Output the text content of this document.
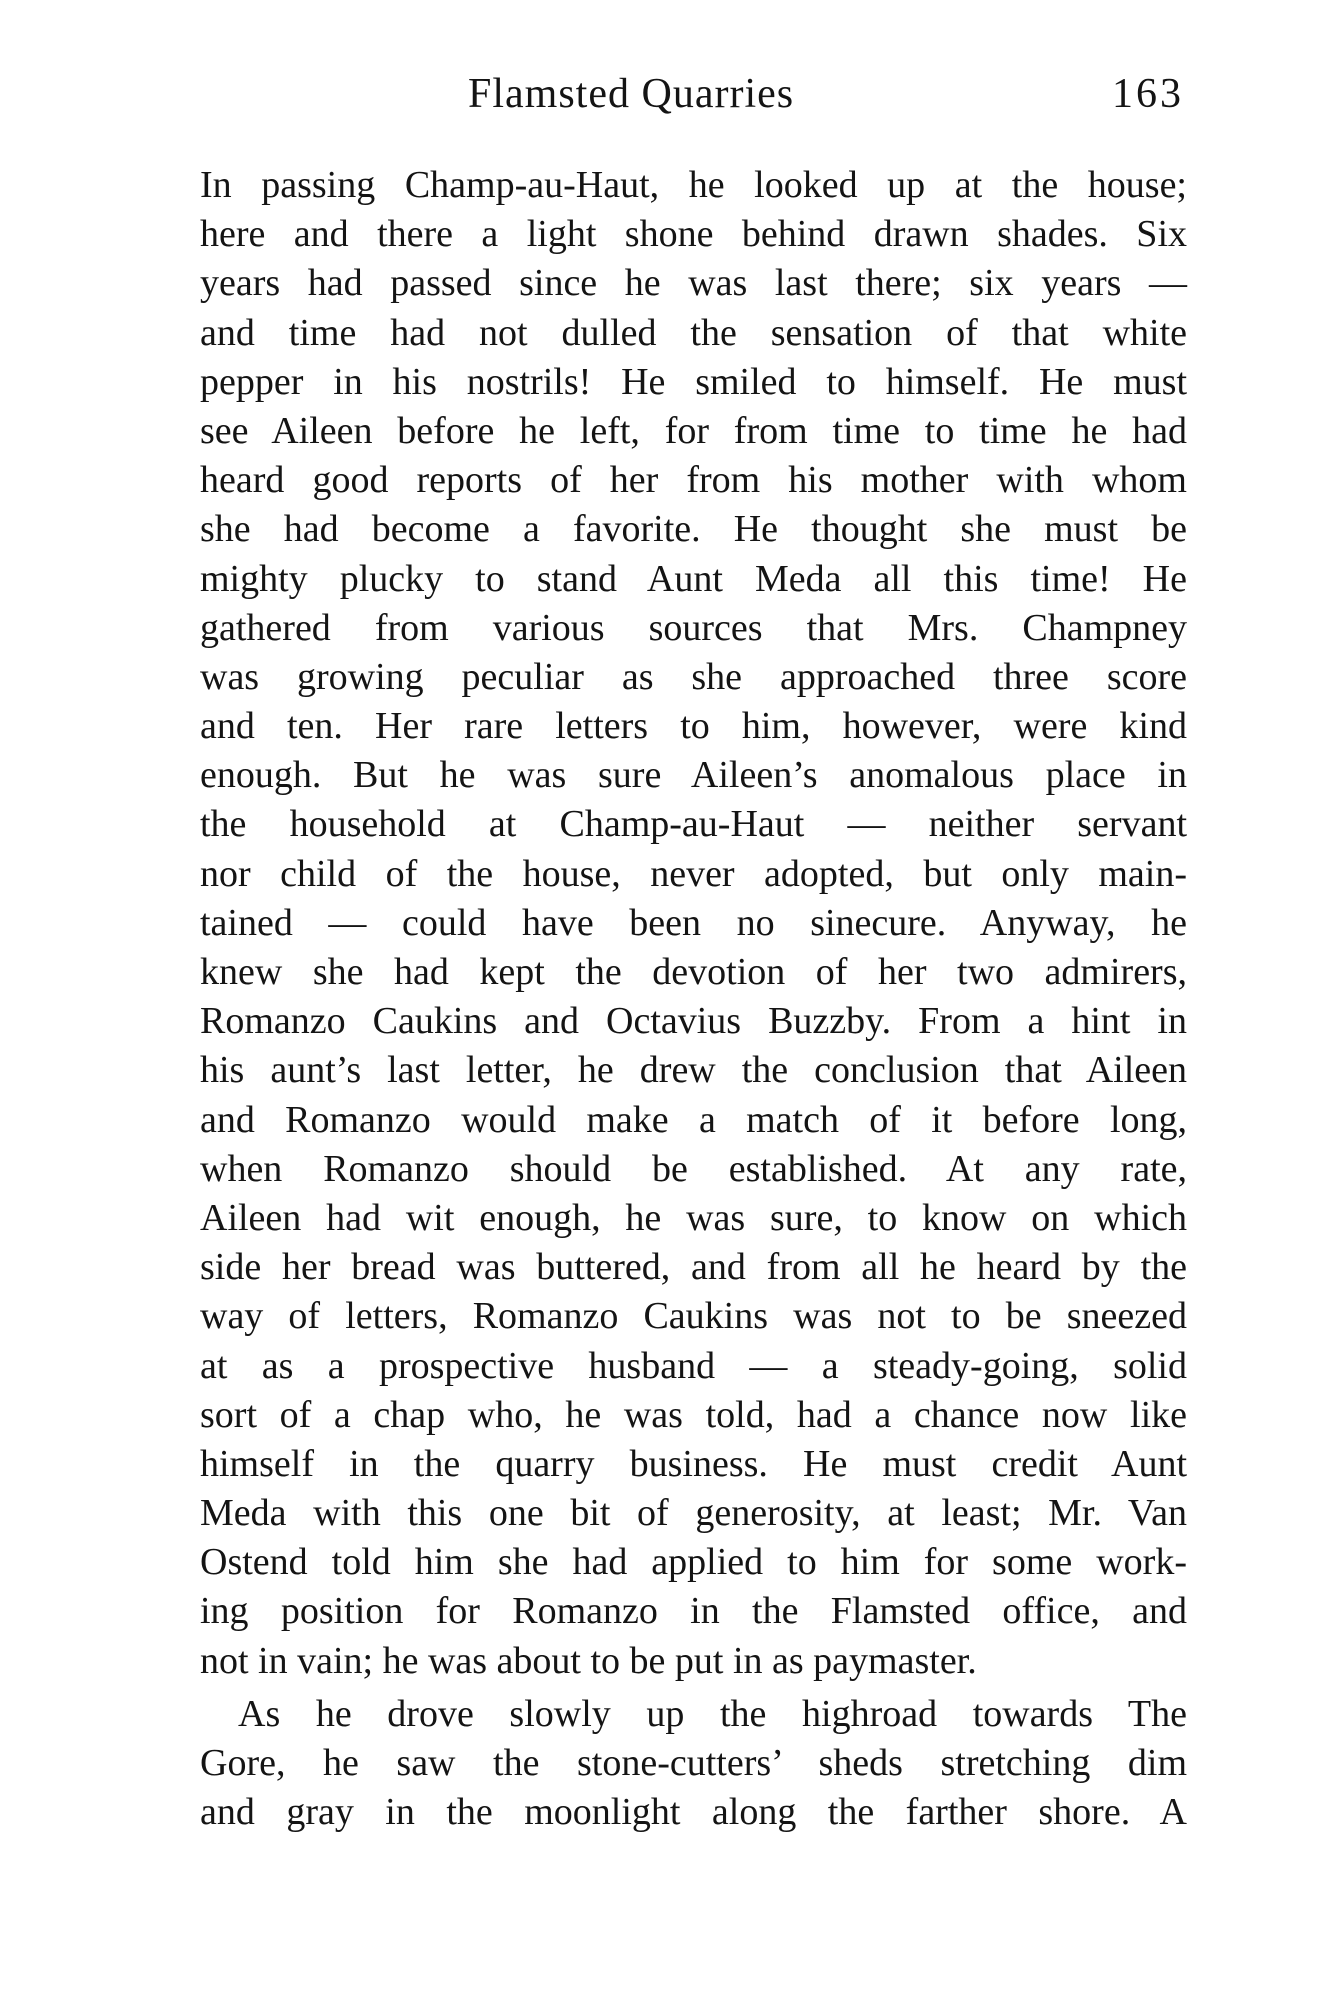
Flamsted Quarries	163
In passing Champ-au-Haut, he looked up at the house;
here and there a light shone behind drawn shades. Six
years had passed since he was last there; six years —
and time had not dulled the sensation of that white
pepper in his nostrils! He smiled to himself. He must
see Aileen before he left, for from time to time he had
heard good reports of her from his mother with whom
she had become a favorite. He thought she must be
mighty plucky to stand Aunt Meda all this time! He
gathered from various sources that Mrs. Champney
was growing peculiar as she approached three score
and ten. Her rare letters to him, however, were kind
enough. But he was sure Aileen’s anomalous place in
the household at Champ-au-Haut — neither servant
nor child of the house, never adopted, but only main-
tained — could have been no sinecure. Anyway, he
knew she had kept the devotion of her two admirers,
Romanzo Caukins and Octavius Buzzby. From a hint in
his aunt’s last letter, he drew the conclusion that Aileen
and Romanzo would make a match of it before long,
when Romanzo should be established. At any rate,
Aileen had wit enough, he was sure, to know on which
side her bread was buttered, and from all he heard by the
way of letters, Romanzo Caukins was not to be sneezed
at as a prospective husband — a steady-going, solid
sort of a chap who, he was told, had a chance now like
himself in the quarry business. He must credit Aunt
Meda with this one bit of generosity, at least; Mr. Van
Ostend told him she had applied to him for some work-
ing position for Romanzo in the Flamsted office, and
not in vain; he was about to be put in as paymaster.
As he drove slowly up the highroad towards The
Gore, he saw the stone-cutters’ sheds stretching dim
and gray in the moonlight along the farther shore. A
